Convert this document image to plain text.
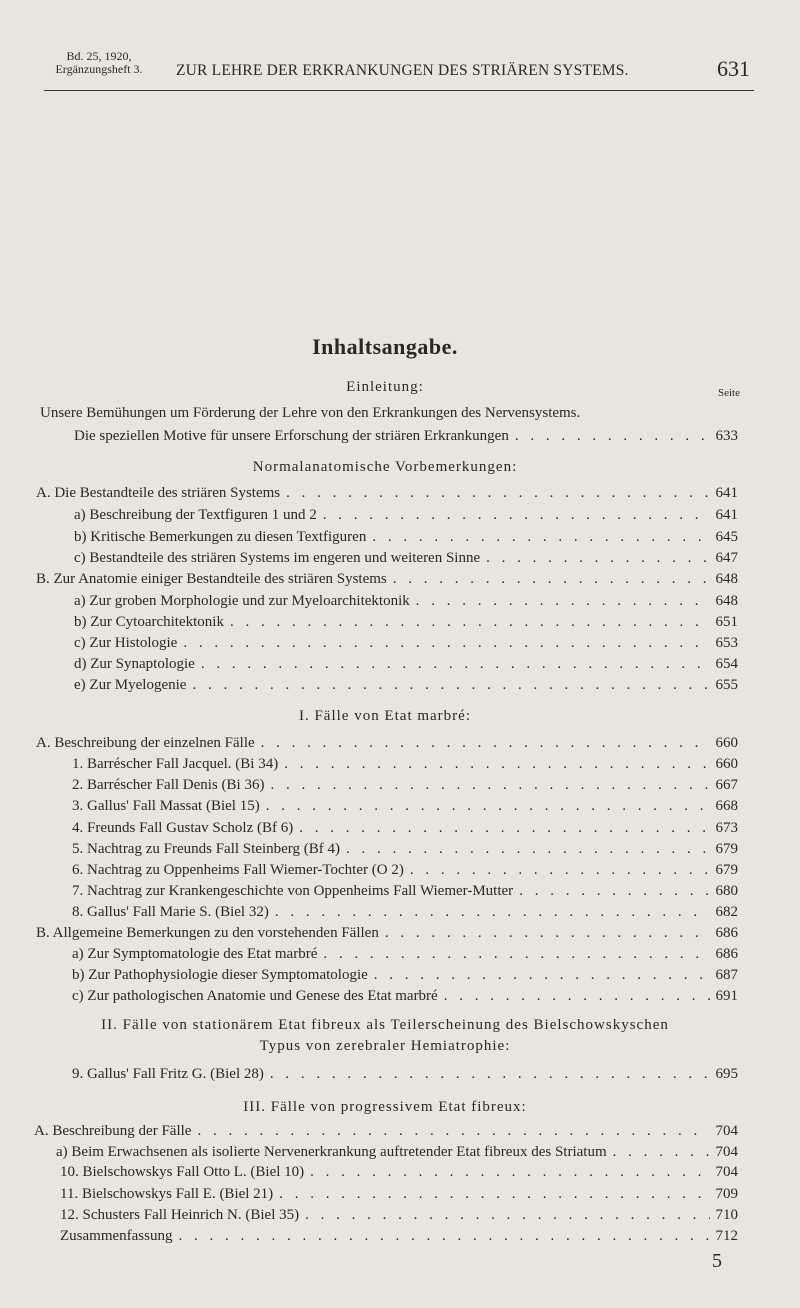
Bd. 25, 1920,
Ergänzungsheft 3.	ZUR LEHRE DER ERKRANKUNGEN DES STRIÄREN SYSTEMS.	631
Inhaltsangabe.
Seite
Einleitung:
Unsere Bemühungen um Förderung der Lehre von den Erkrankungen des Nervensystems.
Die speziellen Motive für unsere Erforschung der striären Erkrankungen . . .	633
Normalanatomische Vorbemerkungen:
A. Die Bestandteile des striären Systems . . .	641
a) Beschreibung der Textfiguren 1 und 2 . . .	641
b) Kritische Bemerkungen zu diesen Textfiguren . . .	645
c) Bestandteile des striären Systems im engeren und weiteren Sinne . . .	647
B. Zur Anatomie einiger Bestandteile des striären Systems . . .	648
a) Zur groben Morphologie und zur Myeloarchitektonik . . .	648
b) Zur Cytoarchitektonik . . .	651
c) Zur Histologie . . .	653
d) Zur Synaptologie . . .	654
e) Zur Myelogenie . . .	655
I. Fälle von Etat marbré:
A. Beschreibung der einzelnen Fälle . . .	660
1. Barréscher Fall Jacquel. (Bi 34) . . .	660
2. Barréscher Fall Denis (Bi 36) . . .	667
3. Gallus' Fall Massat (Biel 15) . . .	668
4. Freunds Fall Gustav Scholz (Bf 6) . . .	673
5. Nachtrag zu Freunds Fall Steinberg (Bf 4) . . .	679
6. Nachtrag zu Oppenheims Fall Wiemer-Tochter (O 2) . . .	679
7. Nachtrag zur Krankengeschichte von Oppenheims Fall Wiemer-Mutter . . .	680
8. Gallus' Fall Marie S. (Biel 32) . . .	682
B. Allgemeine Bemerkungen zu den vorstehenden Fällen . . .	686
a) Zur Symptomatologie des Etat marbré . . .	686
b) Zur Pathophysiologie dieser Symptomatologie . . .	687
c) Zur pathologischen Anatomie und Genese des Etat marbré . . .	691
II. Fälle von stationärem Etat fibreux als Teilerscheinung des Bielschowskyschen
Typus von zerebraler Hemiatrophie:
9. Gallus' Fall Fritz G. (Biel 28) . . .	695
III. Fälle von progressivem Etat fibreux:
A. Beschreibung der Fälle . . .	704
a) Beim Erwachsenen als isolierte Nervenerkrankung auftretender Etat fibreux des Striatum . . .	704
10. Bielschowskys Fall Otto L. (Biel 10) . . .	704
11. Bielschowskys Fall E. (Biel 21) . . .	709
12. Schusters Fall Heinrich N. (Biel 35) . . .	710
Zusammenfassung . . .	712
5
